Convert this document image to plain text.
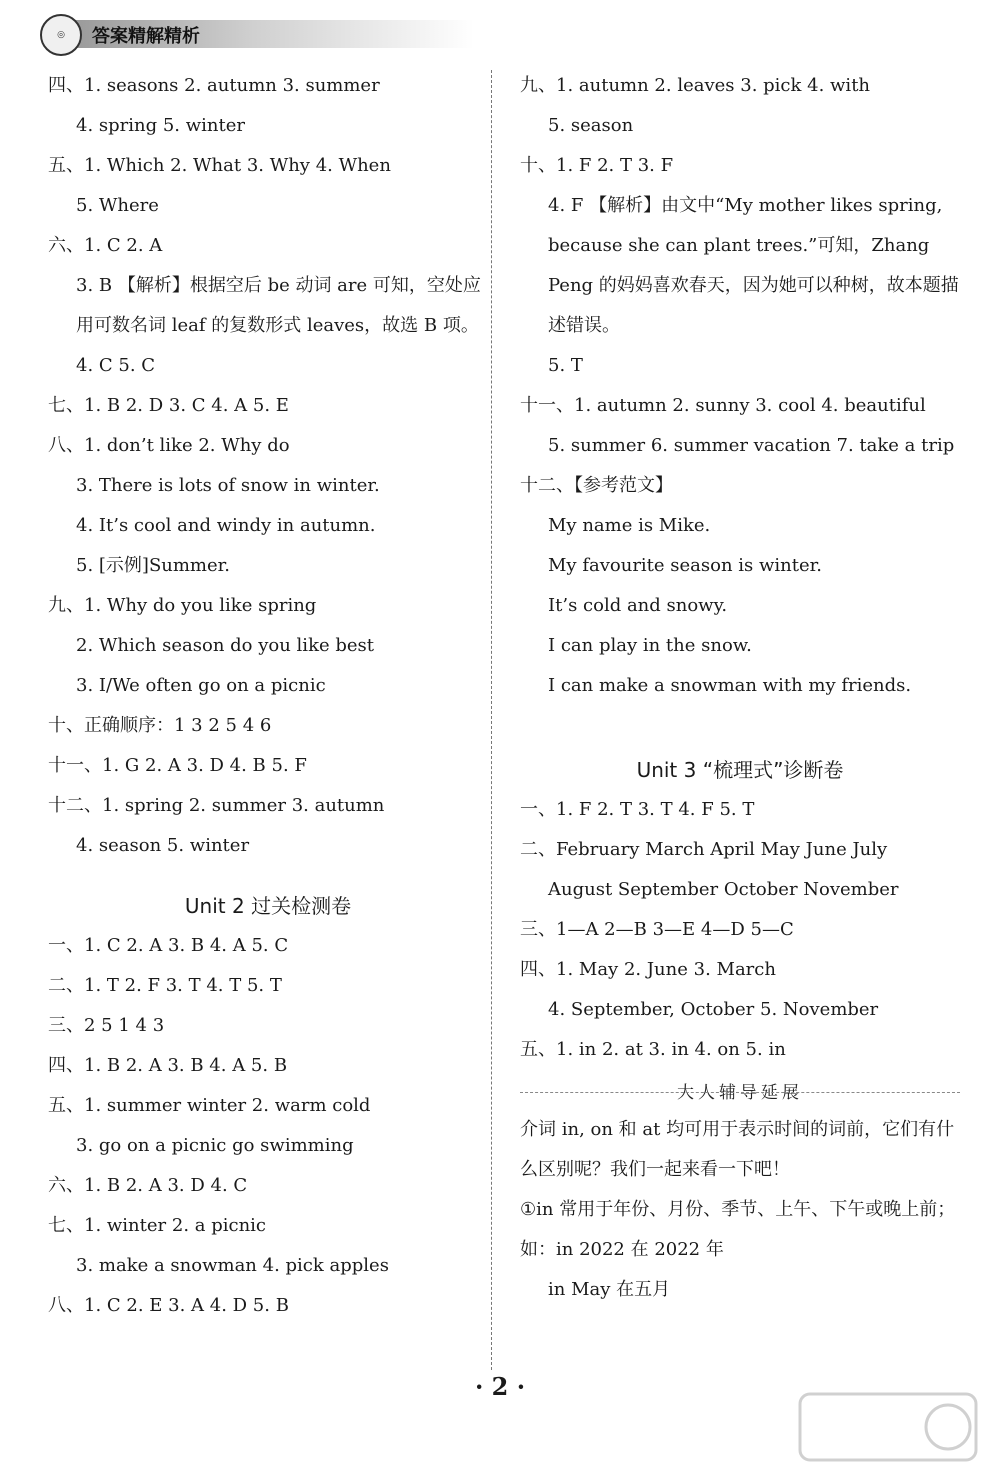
◎	答案精解精析
四、1. seasons 2. autumn 3. summer
4. spring 5. winter
五、1. Which 2. What 3. Why 4. When
5. Where
六、1. C 2. A
3. B 【解析】根据空后 be 动词 are 可知，空处应用可数名词 leaf 的复数形式 leaves，故选 B 项。
4. C 5. C
七、1. B 2. D 3. C 4. A 5. E
八、1. don’t like 2. Why do
3. There is lots of snow in winter.
4. It’s cool and windy in autumn.
5. [示例]Summer.
九、1. Why do you like spring
2. Which season do you like best
3. I/We often go on a picnic
十、正确顺序：1 3 2 5 4 6
十一、1. G 2. A 3. D 4. B 5. F
十二、1. spring 2. summer 3. autumn
4. season 5. winter
Unit 2 过关检测卷
一、1. C 2. A 3. B 4. A 5. C
二、1. T 2. F 3. T 4. T 5. T
三、2 5 1 4 3
四、1. B 2. A 3. B 4. A 5. B
五、1. summer winter 2. warm cold
3. go on a picnic go swimming
六、1. B 2. A 3. D 4. C
七、1. winter 2. a picnic
3. make a snowman 4. pick apples
八、1. C 2. E 3. A 4. D 5. B
九、1. autumn 2. leaves 3. pick 4. with
5. season
十、1. F 2. T 3. F
4. F 【解析】由文中“My mother likes spring, because she can plant trees.”可知，Zhang Peng 的妈妈喜欢春天，因为她可以种树，故本题描述错误。
5. T
十一、1. autumn 2. sunny 3. cool 4. beautiful
5. summer 6. summer vacation 7. take a trip
十二、【参考范文】
My name is Mike.
My favourite season is winter.
It’s cold and snowy.
I can play in the snow.
I can make a snowman with my friends.
Unit 3 “梳理式”诊断卷
一、1. F 2. T 3. T 4. F 5. T
二、February March April May June July
August September October November
三、1—A 2—B 3—E 4—D 5—C
四、1. May 2. June 3. March
4. September, October 5. November
五、1. in 2. at 3. in 4. on 5. in
大人辅导延展
介词 in, on 和 at 均可用于表示时间的词前，它们有什么区别呢？我们一起来看一下吧！
①in 常用于年份、月份、季节、上午、下午或晚上前；
如：in 2022 在 2022 年
in May 在五月
· 2 ·
